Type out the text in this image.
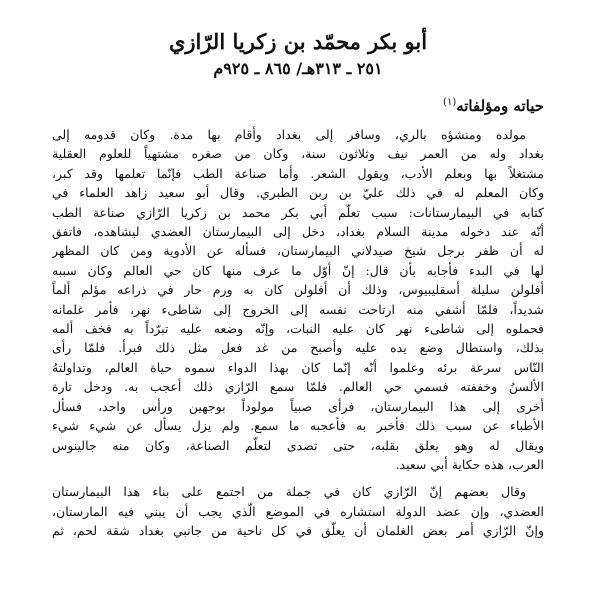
أبو بكر محمّد بن زكريا الرّازي
٢٥١ ـ ٣١٣هـ/ ٨٦٥ ـ ٩٢٥م
حياته ومؤلفاته$^{(١)}$
مولده ومنشؤه بالري، وسافر إلى بغداد وأقام بها مدة. وكان قدومه إلى
بغداد وله من العمر نيف وثلاثون سنة، وكان من صغره مشتهياً للعلوم العقلية
مشتغلاً بها وبعلم الأدب، ويقول الشعر. وأما صناعة الطب فإنّما تعلمها وقد كبر،
وكان المعلم له في ذلك عليّ بن ربن الطبري. وقال أبو سعيد زاهد العلماء في
كتابه في البيمارستانات: سبب تعلّم أبي بكر محمد بن زكريا الرّازي صناعة الطب
أنّه عند دخوله مدينة السلام بغداد، دخل إلى البيمارستان العضدي ليشاهده، فاتفق
له أن ظفر برجل شيخ صيدلاني البيمارستان، فسأله عن الأدوية ومن كان المظهر
لها في البدء فأجابه بأن قال: إنّ أوّل ما عرف منها كان حي العالم وكان سببه
أفلولن سليلة أسقليبيوس، وذلك أن أفلولن كان به ورم حار في ذراعه مؤلم ألماً
شديداً، فلمّا أشفي منه ارتاحت نفسه إلى الخروج إلى شاطىء نهر، فأمر غلمانه
فحملوه إلى شاطىء نهر كان عليه النبات، وإنّه وضعه عليه تبرّداً به فخف ألمه
بذلك، واستطال وضع يده عليه وأصبح من غد فعل مثل ذلك فبرأ. فلمّا رأى
النّاس سرعة برئه وعلموا أنّه إنّما كان بهذا الدواء سموه حياة العالم، وتداولتهُ
الألسنُ وخففته فسمي حي العالم. فلمّا سمع الرّازي ذلك أعجب به. ودخل تارة
أخرى إلى هذا البيمارستان، فرأى صبياً مولوداً بوجهين ورأس واحد، فسأل
الأطباء عن سبب ذلك فأخبر به فأعجبه ما سمع. ولم يزل يسأل عن شيء شيء
ويقال له وهو يعلق بقلبه، حتى تصدى لتعلّم الصناعة، وكان منه جالينوس
العرب، هذه حكاية أبي سعيد.
وقال بعضهم إنّ الرّازي كان في جملة من اجتمع على بناء هذا البيمارستان
العضدي، وإن عضد الدولة استشاره في الموضع الّذي يجب أن يبني فيه المارستان،
وإنّ الرّازي أمر بعض الغلمان أن يعلّق في كل ناحية من جانبي بغداد شقة لحم، ثم
